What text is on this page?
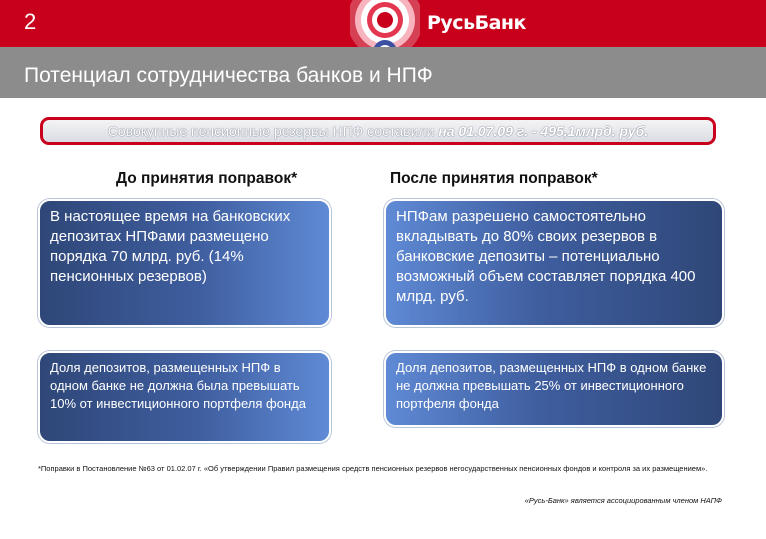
2	РусьБанк
Потенциал сотрудничества банков и НПФ
Совокупные пенсионные резервы НПФ составили на 01.07.09 г. - 495,1млрд. руб.
До принятия поправок*	После принятия поправок*
В настоящее время на банковских депозитах НПФами размещено порядка 70 млрд. руб. (14% пенсионных резервов)
НПФам разрешено самостоятельно вкладывать до 80% своих резервов в банковские депозиты – потенциально возможный объем составляет порядка 400 млрд. руб.
Доля депозитов, размещенных НПФ в одном банке не должна была превышать 10% от инвестиционного портфеля фонда
Доля депозитов, размещенных НПФ в одном банке не должна превышать 25% от инвестиционного портфеля фонда
*Поправки в Постановление №63 от 01.02.07 г. «Об утверждении Правил размещения средств пенсионных резервов негосударственных пенсионных фондов и контроля за их размещением».
«Русь-Банк» является ассоциированным членом НАПФ
